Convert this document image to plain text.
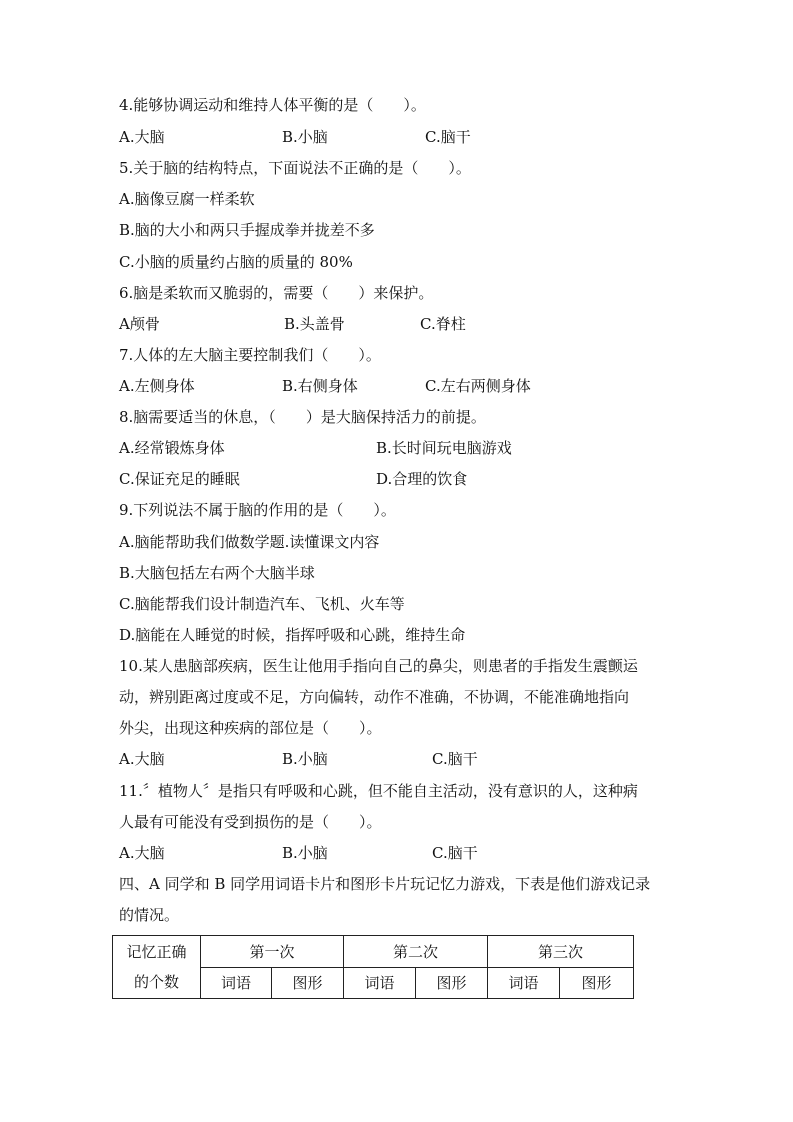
4.能够协调运动和维持人体平衡的是（　　）。
A.大脑	B.小脑	C.脑干
5.关于脑的结构特点，下面说法不正确的是（　　）。
A.脑像豆腐一样柔软
B.脑的大小和两只手握成拳并拢差不多
C.小脑的质量约占脑的质量的 80%
6.脑是柔软而又脆弱的，需要（　　）来保护。
A颅骨	B.头盖骨	C.脊柱
7.人体的左大脑主要控制我们（　　）。
A.左侧身体	B.右侧身体	C.左右两侧身体
8.脑需要适当的休息，（　　）是大脑保持活力的前提。
A.经常锻炼身体	B.长时间玩电脑游戏
C.保证充足的睡眠	D.合理的饮食
9.下列说法不属于脑的作用的是（　　）。
A.脑能帮助我们做数学题.读懂课文内容
B.大脑包括左右两个大脑半球
C.脑能帮我们设计制造汽车、飞机、火车等
D.脑能在人睡觉的时候，指挥呼吸和心跳，维持生命
10.某人患脑部疾病，医生让他用手指向自己的鼻尖，则患者的手指发生震颤运
动，辨别距离过度或不足，方向偏转，动作不准确，不协调，不能准确地指向
外尖，出现这种疾病的部位是（　　）。
A.大脑	B.小脑	C.脑干
11.〞植物人〞是指只有呼吸和心跳，但不能自主活动，没有意识的人，这种病
人最有可能没有受到损伤的是（　　）。
A.大脑	B.小脑	C.脑干
四、A 同学和 B 同学用词语卡片和图形卡片玩记忆力游戏，下表是他们游戏记录
的情况。
记忆正确
的个数	第一次		第二次		第三次	
	词语	图形	词语	图形	词语	图形
